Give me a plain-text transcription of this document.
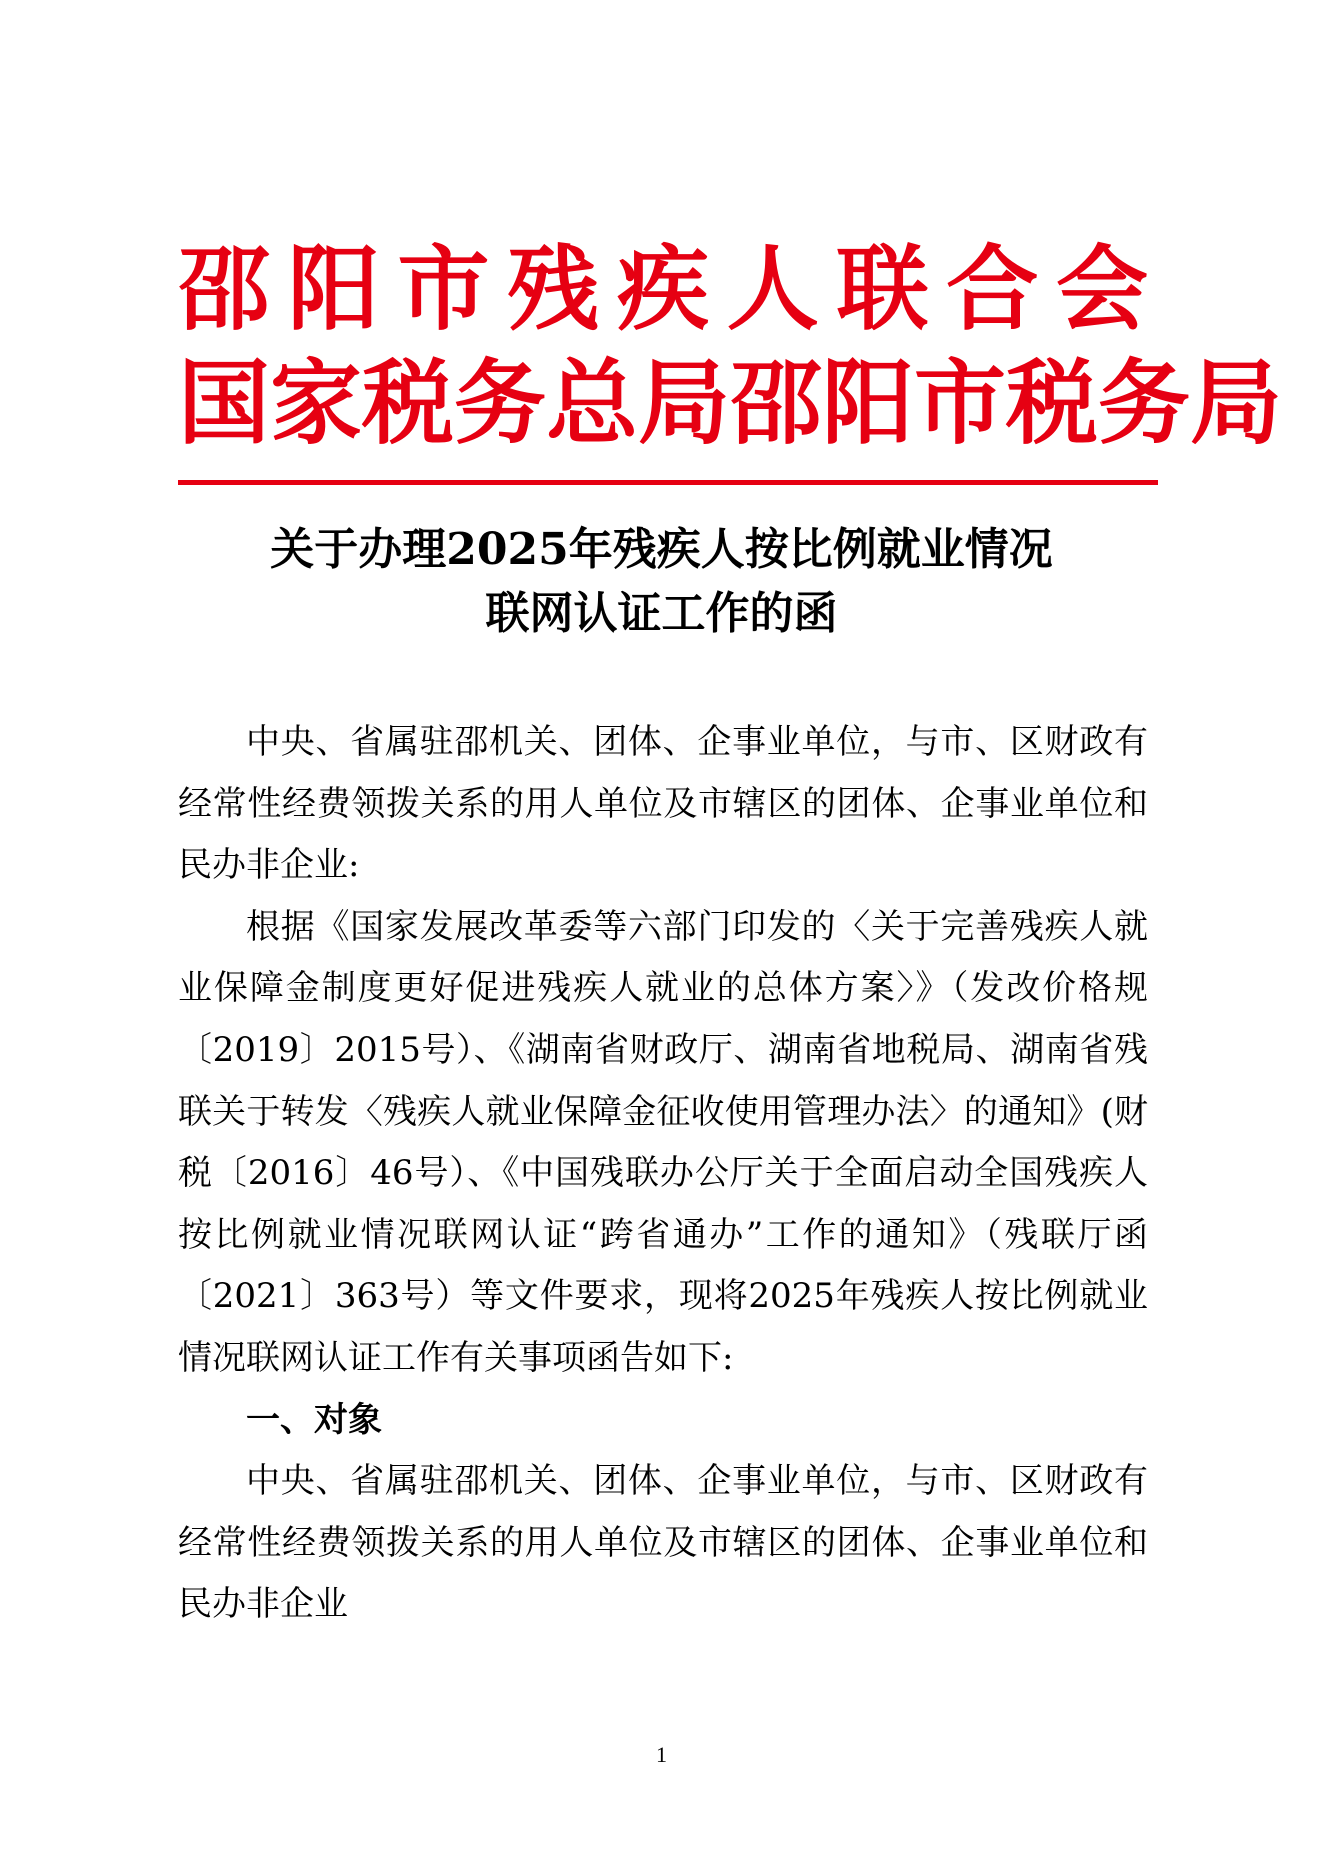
邵阳市残疾人联合会
国家税务总局邵阳市税务局
关于办理2025年残疾人按比例就业情况
联网认证工作的函

中央、省属驻邵机关、团体、企事业单位，与市、区财政有经常性经费领拨关系的用人单位及市辖区的团体、企事业单位和民办非企业:

根据《国家发展改革委等六部门印发的〈关于完善残疾人就业保障金制度更好促进残疾人就业的总体方案〉》（发改价格规〔2019〕2015号）、《湖南省财政厅、湖南省地税局、湖南省残联关于转发〈残疾人就业保障金征收使用管理办法〉的通知》(财税〔2016〕46号）、《中国残联办公厅关于全面启动全国残疾人按比例就业情况联网认证“跨省通办”工作的通知》（残联厅函〔2021〕363号）等文件要求，现将2025年残疾人按比例就业情况联网认证工作有关事项函告如下:

一、对象

中央、省属驻邵机关、团体、企事业单位，与市、区财政有经常性经费领拨关系的用人单位及市辖区的团体、企事业单位和民办非企业

1
